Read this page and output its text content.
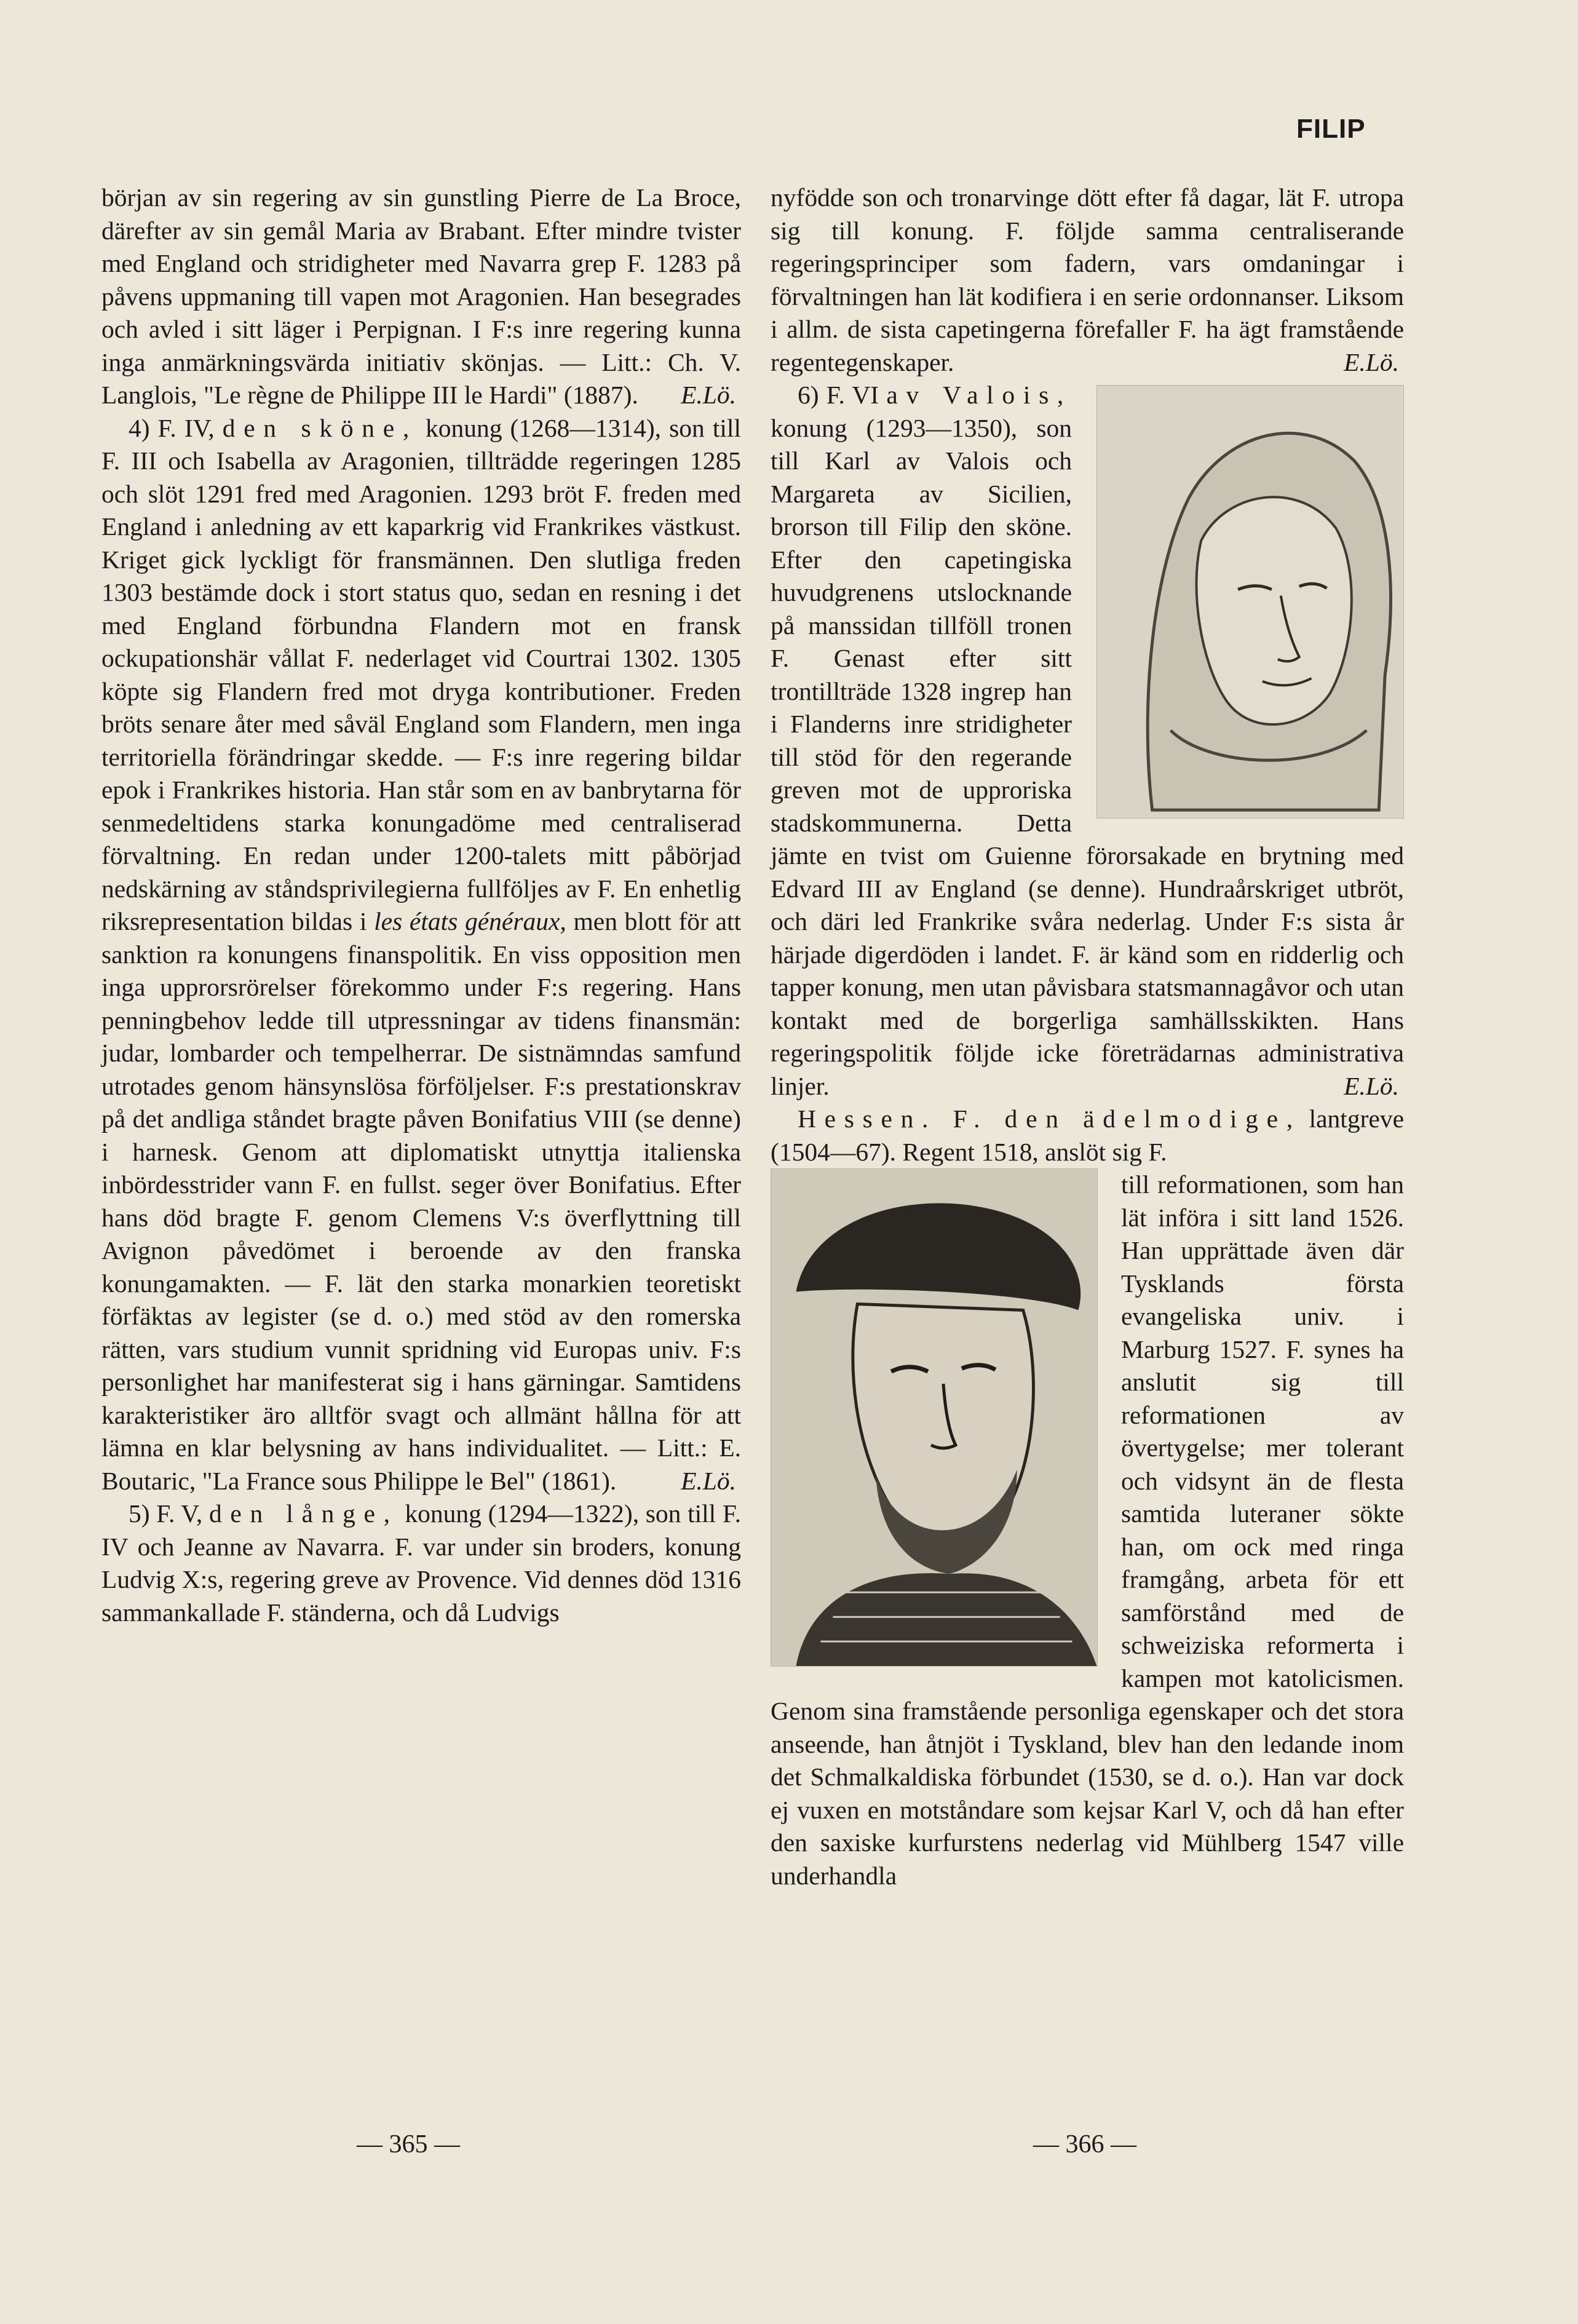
FILIP

början av sin regering av sin gunstling Pierre de La Broce, därefter av sin gemål Maria av Brabant. Efter mindre tvister med England och stridigheter med Navarra grep F. 1283 på påvens uppmaning till vapen mot Aragonien. Han besegrades och avled i sitt läger i Perpignan. I F:s inre regering kunna inga anmärkningsvärda initiativ skönjas. — Litt.: Ch. V. Langlois, "Le règne de Philippe III le Hardi" (1887). E.Lö.

4) F. IV, den sköne, konung (1268—1314), son till F. III och Isabella av Aragonien, tillträdde regeringen 1285 och slöt 1291 fred med Aragonien. 1293 bröt F. freden med England i anledning av ett kaparkrig vid Frankrikes västkust. Kriget gick lyckligt för fransmännen. Den slutliga freden 1303 bestämde dock i stort status quo, sedan en resning i det med England förbundna Flandern mot en fransk ockupationshär vållat F. nederlaget vid Courtrai 1302. 1305 köpte sig Flandern fred mot dryga kontributioner. Freden bröts senare åter med såväl England som Flandern, men inga territoriella förändringar skedde. — F:s inre regering bildar epok i Frankrikes historia. Han står som en av banbrytarna för senmedeltidens starka konungadöme med centraliserad förvaltning. En redan under 1200-talets mitt påbörjad nedskärning av ståndsprivilegierna fullföljes av F. En enhetlig riksrepresentation bildas i les états généraux, men blott för att sanktion ra konungens finanspolitik. En viss opposition men inga upprorsrörelser förekommo under F:s regering. Hans penningbehov ledde till utpressningar av tidens finansmän: judar, lombarder och tempelherrar. De sistnämndas samfund utrotades genom hänsynslösa förföljelser. F:s prestationskrav på det andliga ståndet bragte påven Bonifatius VIII (se denne) i harnesk. Genom att diplomatiskt utnyttja italienska inbördesstrider vann F. en fullst. seger över Bonifatius. Efter hans död bragte F. genom Clemens V:s överflyttning till Avignon påvedömet i beroende av den franska konungamakten. — F. lät den starka monarkien teoretiskt förfäktas av legister (se d. o.) med stöd av den romerska rätten, vars studium vunnit spridning vid Europas univ. F:s personlighet har manifesterat sig i hans gärningar. Samtidens karakteristiker äro alltför svagt och allmänt hållna för att lämna en klar belysning av hans individualitet. — Litt.: E. Boutaric, "La France sous Philippe le Bel" (1861).	E.Lö.

5) F. V, den långe, konung (1294—1322), son till F. IV och Jeanne av Navarra. F. var under sin broders, konung Ludvig X:s, regering greve av Provence. Vid dennes död 1316 sammankallade F. ständerna, och då Ludvigs

nyfödde son och tronarvinge dött efter få dagar, lät F. utropa sig till konung. F. följde samma centraliserande regeringsprinciper som fadern, vars omdaningar i förvaltningen han lät kodifiera i en serie ordonnanser. Liksom i allm. de sista capetingerna förefaller F. ha ägt framstående regentegenskaper.	E.Lö.

6) F. VI av Valois,
konung (1293—1350), son till Karl av Valois och Margareta av Sicilien, brorson till Filip den sköne. Efter den capetingiska huvudgrenens utslocknande på manssidan tillföll tronen F. Genast efter sitt trontillträde 1328 ingrep han i Flanderns inre stridigheter till stöd för den regerande greven mot de upproriska stadskommunerna. Detta jämte en tvist om Guienne förorsakade en brytning med Edvard III av England (se denne). Hundraårskriget utbröt, och däri led Frankrike svåra nederlag. Under F:s sista år härjade digerdöden i landet. F. är känd som en ridderlig och tapper konung, men utan påvisbara statsmannagåvor och utan kontakt med de borgerliga samhällsskikten. Hans regeringspolitik följde icke företrädarnas administrativa linjer.	E.Lö.

Hessen. F. den ädelmodige, lantgreve (1504—67). Regent 1518, anslöt sig F.

till reformationen, som han lät införa i sitt land 1526. Han upprättade även där Tysklands första evangeliska univ. i Marburg 1527. F. synes ha anslutit sig till reformationen av övertygelse; mer tolerant och vidsynt än de flesta samtida luteraner sökte han, om ock med ringa framgång, arbeta för ett samförstånd med de schweiziska reformerta i kampen mot katolicismen. Genom sina framstående personliga egenskaper och det stora anseende, han åtnjöt i Tyskland, blev han den ledande inom det Schmalkaldiska förbundet (1530, se d. o.). Han var dock ej vuxen en motståndare som kejsar Karl V, och då han efter den saxiske kurfurstens nederlag vid Mühlberg 1547 ville underhandla

— 365 —	— 366 —
